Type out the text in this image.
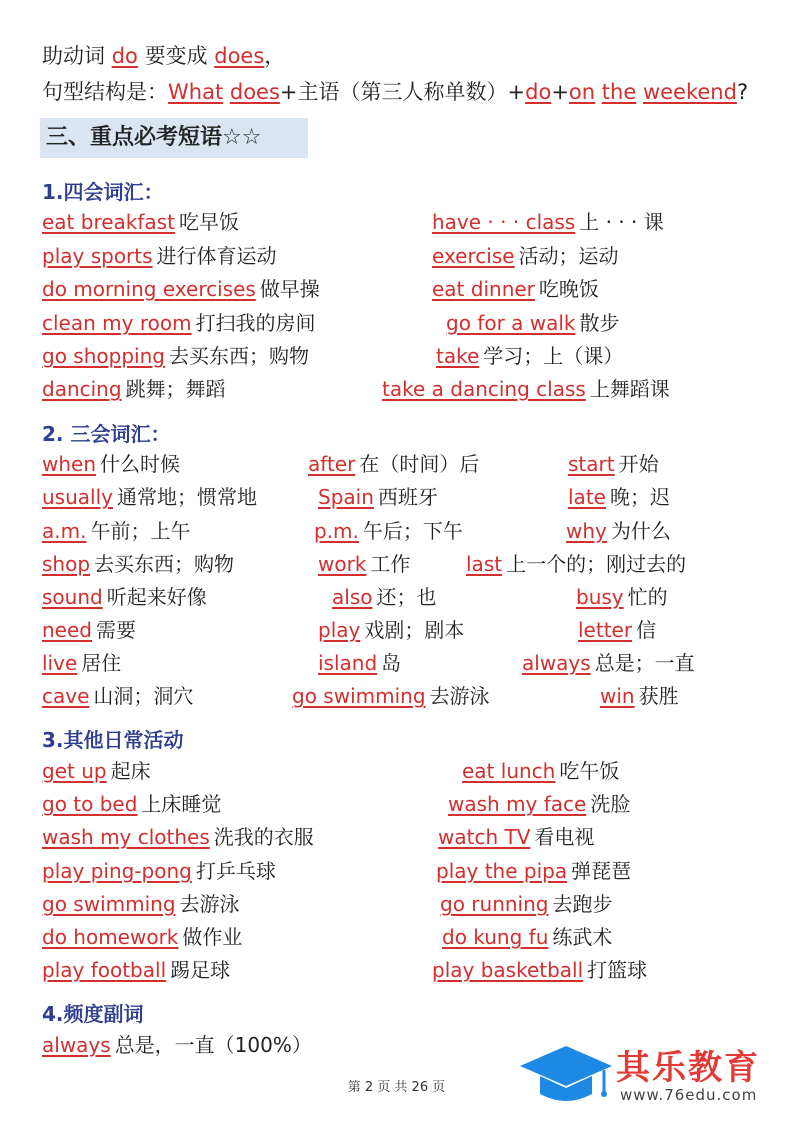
助动词 do 要变成 does，
句型结构是：What does+主语（第三人称单数）+do+on the weekend?
三、重点必考短语☆☆
1.四会词汇：
eat breakfast 吃早饭	have · · · class 上 · · · 课
play sports 进行体育运动	exercise 活动；运动
do morning exercises 做早操	eat dinner 吃晚饭
clean my room 打扫我的房间	go for a walk 散步
go shopping 去买东西；购物	take 学习；上（课）
dancing 跳舞；舞蹈	take a dancing class 上舞蹈课
2. 三会词汇：
when 什么时候	after 在（时间）后	start 开始
usually 通常地；惯常地	Spain 西班牙	late 晚；迟
a.m. 午前；上午	p.m. 午后；下午	why 为什么
shop 去买东西；购物	work 工作	last 上一个的；刚过去的
sound 听起来好像	also 还；也	busy 忙的
need 需要	play 戏剧；剧本	letter 信
live 居住	island 岛	always 总是；一直
cave 山洞；洞穴	go swimming 去游泳	win 获胜
3.其他日常活动
get up 起床	eat lunch 吃午饭
go to bed 上床睡觉	wash my face 洗脸
wash my clothes 洗我的衣服	watch TV 看电视
play ping-pong 打乒乓球	play the pipa 弹琵琶
go swimming 去游泳	go running 去跑步
do homework 做作业	do kung fu 练武术
play football 踢足球	play basketball 打篮球
4.频度副词
always 总是，一直（100%）
第 2 页 共 26 页	其乐教育
www.76edu.com
